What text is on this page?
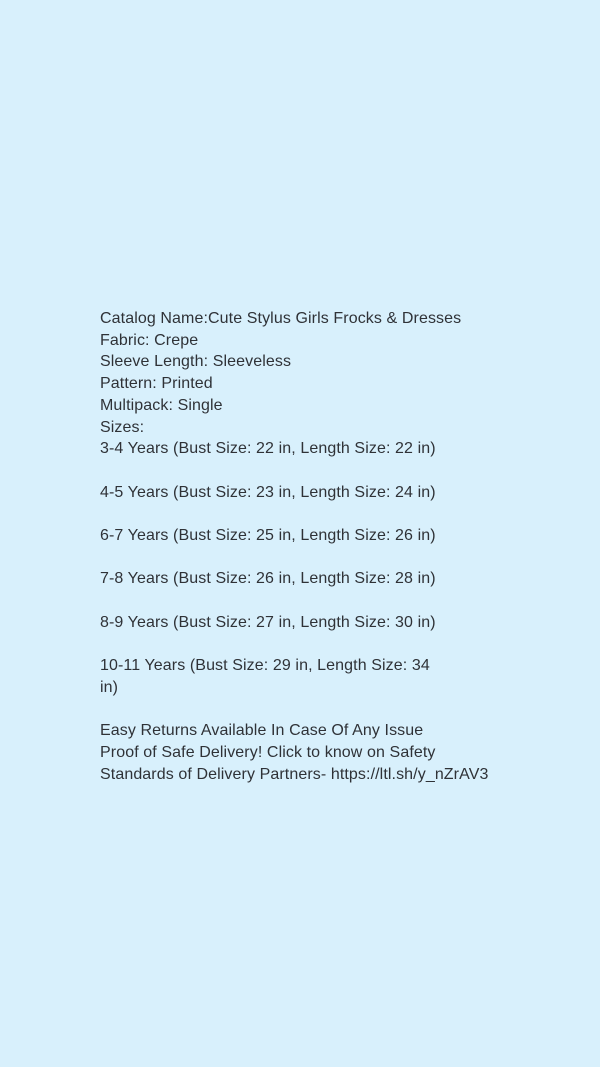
Catalog Name:Cute Stylus Girls Frocks & Dresses
Fabric: Crepe
Sleeve Length: Sleeveless
Pattern: Printed
Multipack: Single
Sizes:
3-4 Years (Bust Size: 22 in, Length Size: 22 in)
4-5 Years (Bust Size: 23 in, Length Size: 24 in)
6-7 Years (Bust Size: 25 in, Length Size: 26 in)
7-8 Years (Bust Size: 26 in, Length Size: 28 in)
8-9 Years (Bust Size: 27 in, Length Size: 30 in)
10-11 Years (Bust Size: 29 in, Length Size: 34
in)
Easy Returns Available In Case Of Any Issue
Proof of Safe Delivery! Click to know on Safety
Standards of Delivery Partners- https://ltl.sh/y_nZrAV3
